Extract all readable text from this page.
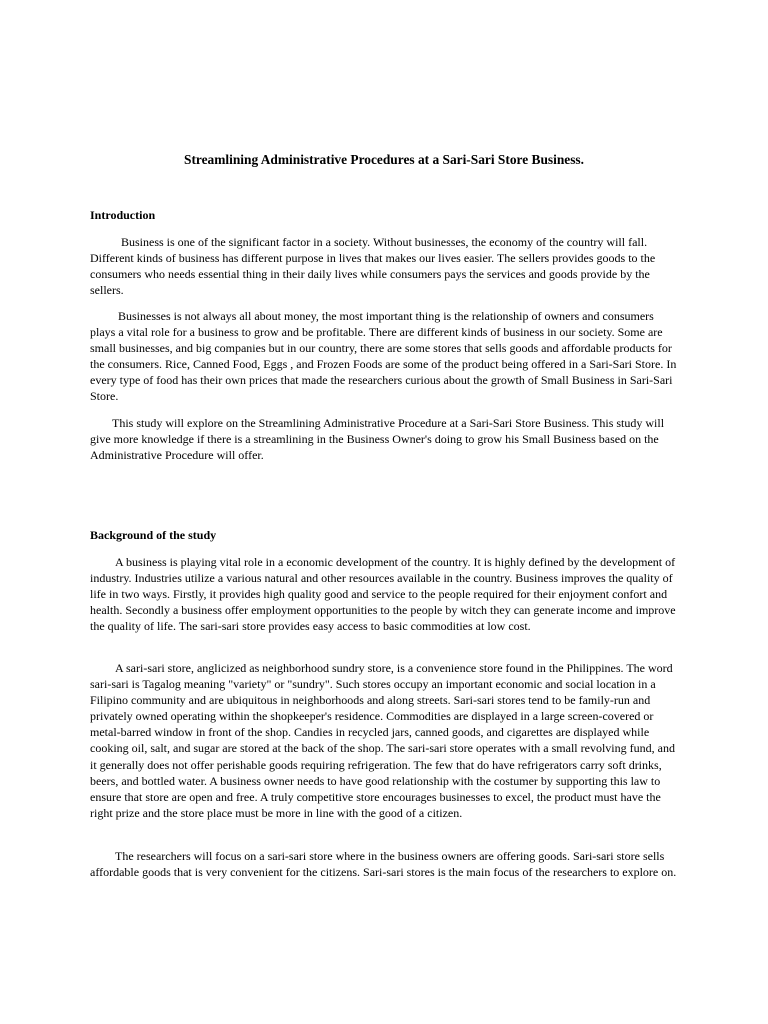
Streamlining Administrative Procedures at a Sari-Sari Store Business.
Introduction

Business is one of the significant factor in a society. Without businesses, the economy of the country will fall. Different kinds of business has different purpose in lives that makes our lives easier. The sellers provides goods to the consumers who needs essential thing in their daily lives while consumers pays the services and goods provide by the sellers.

Businesses is not always all about money, the most important thing is the relationship of owners and consumers plays a vital role for a business to grow and be profitable. There are different kinds of business in our society. Some are small businesses, and big companies but in our country, there are some stores that sells goods and affordable products for the consumers. Rice, Canned Food, Eggs , and Frozen Foods are some of the product being offered in a Sari-Sari Store. In every type of food has their own prices that made the researchers curious about the growth of Small Business in Sari-Sari Store.

This study will explore on the Streamlining Administrative Procedure at a Sari-Sari Store Business. This study will give more knowledge if there is a streamlining in the Business Owner's doing to grow his Small Business based on the Administrative Procedure will offer.

Background of the study

A business is playing vital role in a economic development of the country. It is highly defined by the development of industry. Industries utilize a various natural and other resources available in the country. Business improves the quality of life in two ways. Firstly, it provides high quality good and service to the people required for their enjoyment confort and health. Secondly a business offer employment opportunities to the people by witch they can generate income and improve the quality of life. The sari-sari store provides easy access to basic commodities at low cost.

A sari-sari store, anglicized as neighborhood sundry store, is a convenience store found in the Philippines. The word sari-sari is Tagalog meaning "variety" or "sundry". Such stores occupy an important economic and social location in a Filipino community and are ubiquitous in neighborhoods and along streets. Sari-sari stores tend to be family-run and privately owned operating within the shopkeeper's residence. Commodities are displayed in a large screen-covered or metal-barred window in front of the shop. Candies in recycled jars, canned goods, and cigarettes are displayed while cooking oil, salt, and sugar are stored at the back of the shop. The sari-sari store operates with a small revolving fund, and it generally does not offer perishable goods requiring refrigeration. The few that do have refrigerators carry soft drinks, beers, and bottled water. A business owner needs to have good relationship with the costumer by supporting this law to ensure that store are open and free. A truly competitive store encourages businesses to excel, the product must have the right prize and the store place must be more in line with the good of a citizen.

The researchers will focus on a sari-sari store where in the business owners are offering goods. Sari-sari store sells affordable goods that is very convenient for the citizens. Sari-sari stores is the main focus of the researchers to explore on.
